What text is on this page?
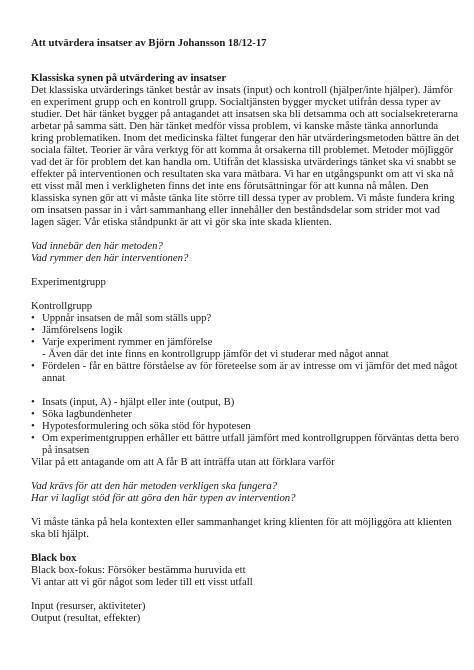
Att utvärdera insatser av Björn Johansson 18/12-17
Klassiska synen på utvärdering av insatser
Det klassiska utvärderings tänket består av insats (input) och kontroll (hjälper/inte hjälper). Jämför
en experiment grupp och en kontroll grupp. Socialtjänsten bygger mycket utifrån dessa typer av
studier. Det här tänket bygger på antagandet att insatsen ska bli detsamma och att socialsekreterarna
arbetar på samma sätt. Den här tänket medför vissa problem, vi kanske måste tänka annorlunda
kring problematiken. Inom det medicinska fältet fungerar den här utvärderingsmetoden bättre än det
sociala fältet. Teorier är våra verktyg för att komma åt orsakerna till problemet. Metoder möjliggör
vad det är för problem det kan handla om. Utifrån det klassiska utvärderings tänket ska vi snabbt se
effekter på interventionen och resultaten ska vara mätbara. Vi har en utgångspunkt om att vi ska nå
ett visst mål men i verkligheten finns det inte ens förutsättningar för att kunna nå målen. Den
klassiska synen gör att vi måste tänka lite större till dessa typer av problem. Vi måste fundera kring
om insatsen passar in i vårt sammanhang eller innehåller den beståndsdelar som strider mot vad
lagen säger. Vår etiska ståndpunkt är att vi gör ska inte skada klienten.
Vad innebär den här metoden?
Vad rymmer den här interventionen?
Experimentgrupp
Kontrollgrupp
• Uppnår insatsen de mål som ställs upp?
• Jämförelsens logik
• Varje experiment rymmer en jämförelse
- Även där det inte finns en kontrollgrupp jämför det vi studerar med något annat
• Fördelen - får en bättre förståelse av för företeelse som är av intresse om vi jämför det med något
annat
• Insats (input, A) - hjälpt eller inte (output, B)
• Söka lagbundenheter
• Hypotesformulering och söka stöd för hypotesen
• Om experimentgruppen erhåller ett bättre utfall jämfört med kontrollgruppen förväntas detta bero
på insatsen
Vilar på ett antagande om att A får B att inträffa utan att förklara varför
Vad krävs för att den här metoden verkligen ska fungera?
Har vi lagligt stöd för att göra den här typen av intervention?
Vi måste tänka på hela kontexten eller sammanhanget kring klienten för att möjliggöra att klienten
ska bli hjälpt.
Black box
Black box-fokus: Försöker bestämma huruvida ett
Vi antar att vi gör något som leder till ett visst utfall
Input (resurser, aktiviteter)
Output (resultat, effekter)
